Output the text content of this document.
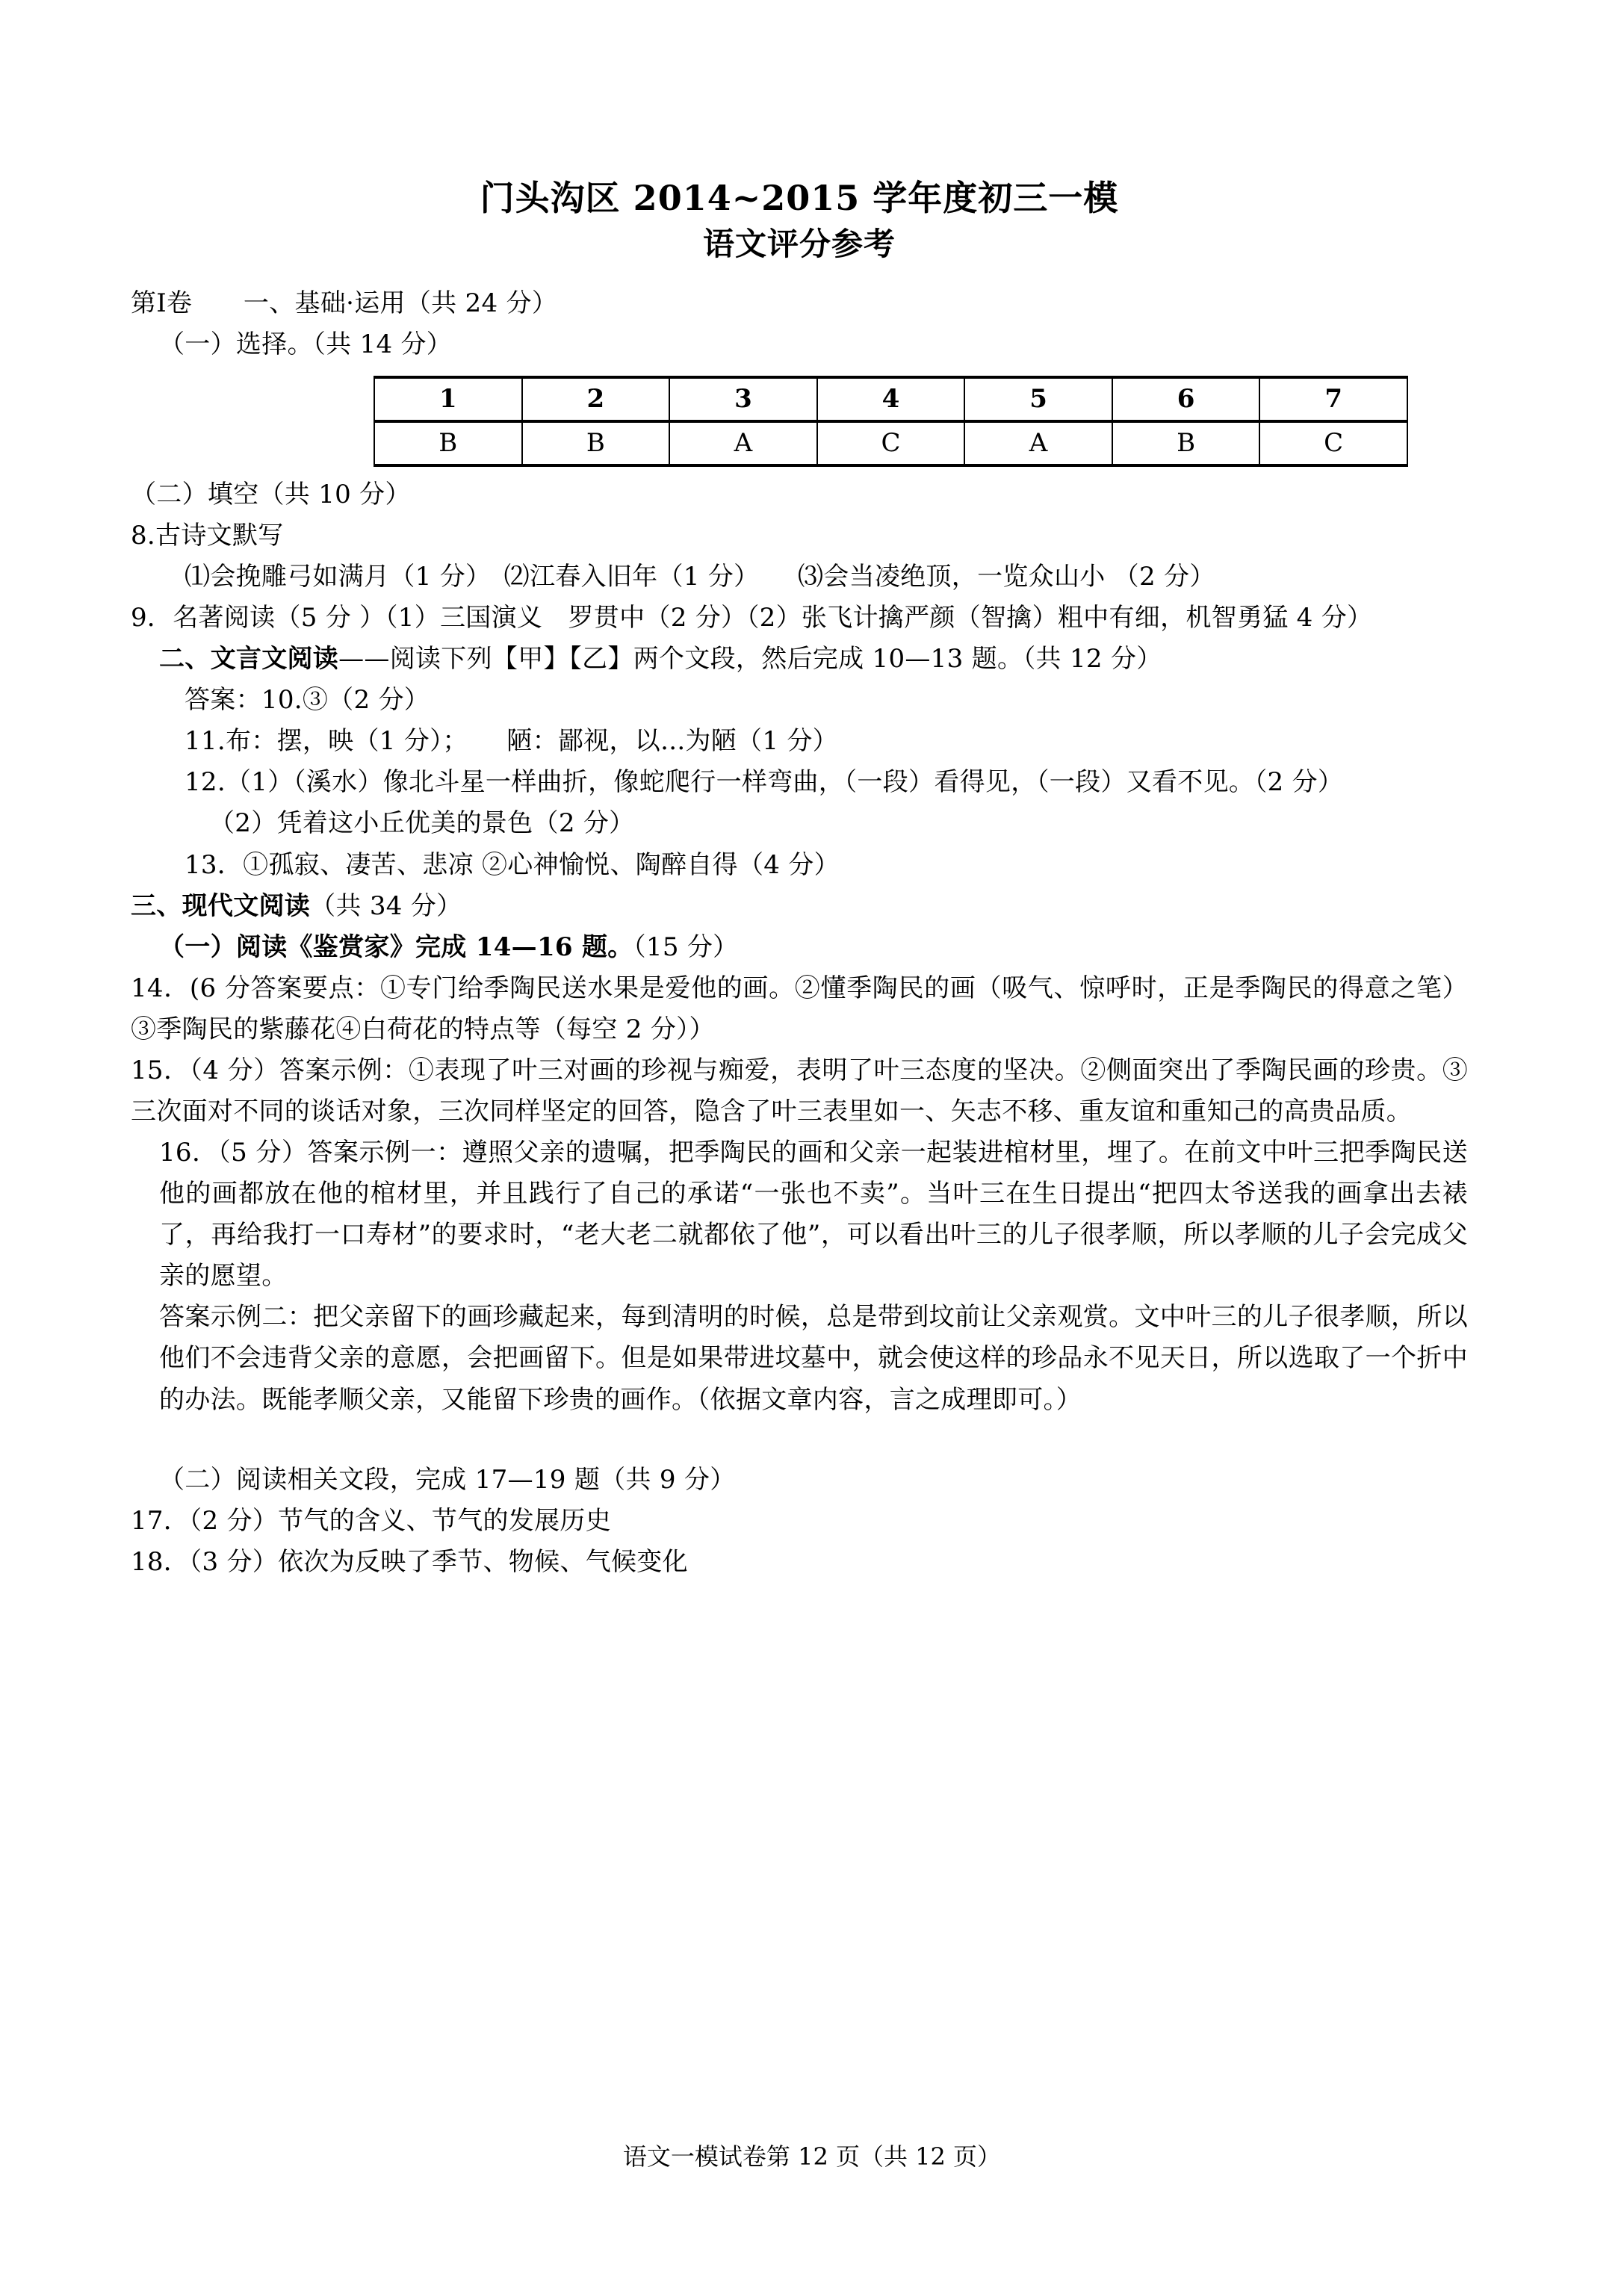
门头沟区 2014~2015 学年度初三一模
语文评分参考

第Ⅰ卷　　一、基础·运用（共 24 分）

（一）选择。（共 14 分）

1	2	3	4	5	6	7
B	B	A	C	A	B	C

（二）填空（共 10 分）

8.古诗文默写

⑴会挽雕弓如满月（1 分）　⑵江春入旧年（1 分）　　⑶会当凌绝顶，一览众山小 （2 分）

9．名著阅读（5 分 ）（1）三国演义　罗贯中（2 分）（2）张飞计擒严颜（智擒）粗中有细，机智勇猛 4 分）

二、文言文阅读——阅读下列【甲】【乙】两个文段，然后完成 10—13 题。（共 12 分）

答案：10.③（2 分）

11.布：摆，映（1 分）；　　陋：鄙视，以...为陋（1 分）

12.（1）（溪水）像北斗星一样曲折，像蛇爬行一样弯曲，（一段）看得见，（一段）又看不见。（2 分）

（2）凭着这小丘优美的景色（2 分）

13．①孤寂、凄苦、悲凉 ②心神愉悦、陶醉自得（4 分）

三、现代文阅读（共 34 分）

（一）阅读《鉴赏家》完成 14—16 题。（15 分）

14．(6 分答案要点：①专门给季陶民送水果是爱他的画。②懂季陶民的画（吸气、惊呼时，正是季陶民的得意之笔）③季陶民的紫藤花④白荷花的特点等（每空 2 分））

15．（4 分）答案示例：①表现了叶三对画的珍视与痴爱，表明了叶三态度的坚决。②侧面突出了季陶民画的珍贵。③三次面对不同的谈话对象，三次同样坚定的回答，隐含了叶三表里如一、矢志不移、重友谊和重知己的高贵品质。

16．（5 分）答案示例一：遵照父亲的遗嘱，把季陶民的画和父亲一起装进棺材里，埋了。在前文中叶三把季陶民送他的画都放在他的棺材里，并且践行了自己的承诺“一张也不卖”。当叶三在生日提出“把四太爷送我的画拿出去裱了，再给我打一口寿材”的要求时，“老大老二就都依了他”，可以看出叶三的儿子很孝顺，所以孝顺的儿子会完成父亲的愿望。

答案示例二：把父亲留下的画珍藏起来，每到清明的时候，总是带到坟前让父亲观赏。文中叶三的儿子很孝顺，所以他们不会违背父亲的意愿，会把画留下。但是如果带进坟墓中，就会使这样的珍品永不见天日，所以选取了一个折中的办法。既能孝顺父亲，又能留下珍贵的画作。（依据文章内容，言之成理即可。）

（二）阅读相关文段，完成 17—19 题（共 9 分）

17．（2 分）节气的含义、节气的发展历史

18．（3 分）依次为反映了季节、物候、气候变化

语文一模试卷第 12 页（共 12 页）
